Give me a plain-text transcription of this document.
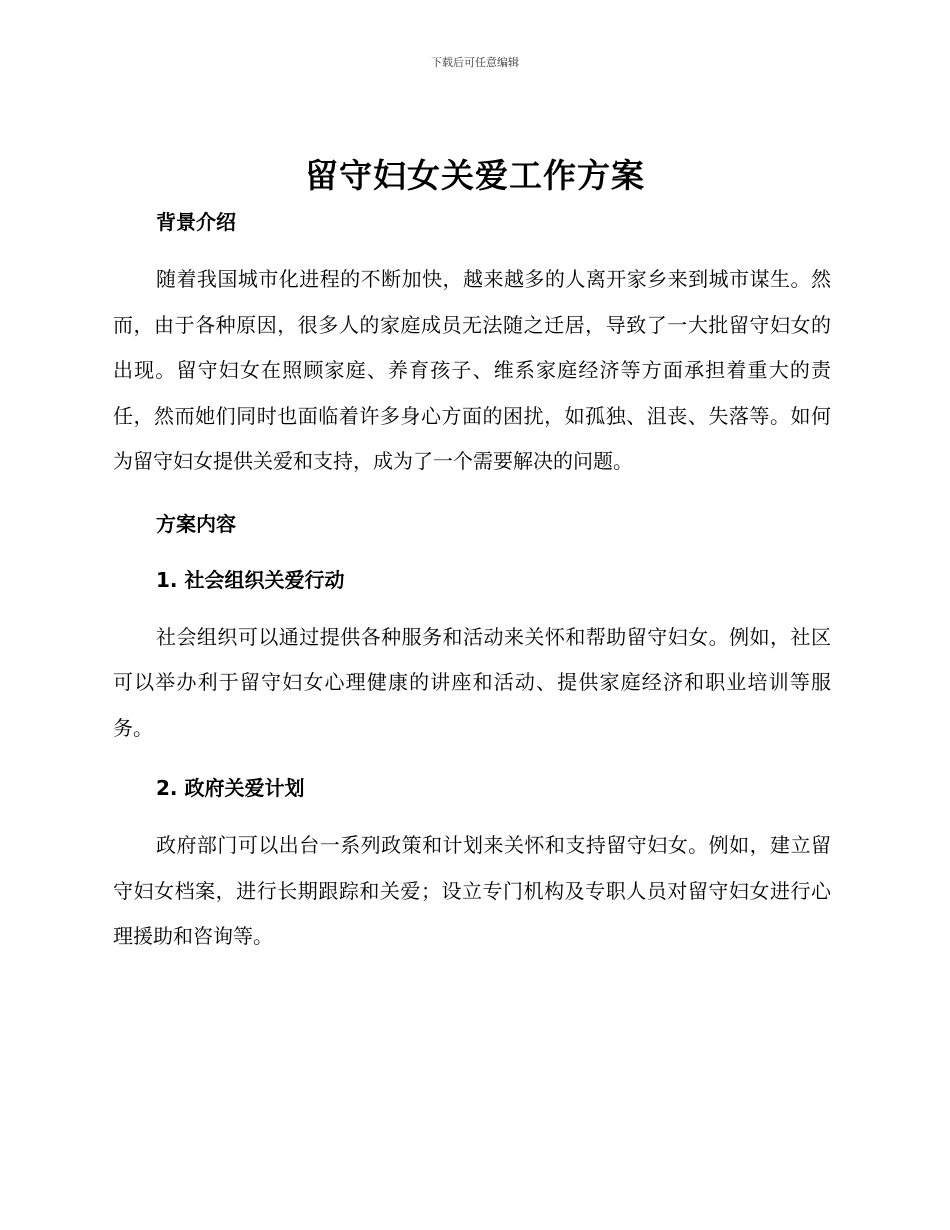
下载后可任意编辑
留守妇女关爱工作方案

背景介绍

随着我国城市化进程的不断加快，越来越多的人离开家乡来到城市谋生。然而，由于各种原因，很多人的家庭成员无法随之迁居，导致了一大批留守妇女的出现。留守妇女在照顾家庭、养育孩子、维系家庭经济等方面承担着重大的责任，然而她们同时也面临着许多身心方面的困扰，如孤独、沮丧、失落等。如何为留守妇女提供关爱和支持，成为了一个需要解决的问题。

方案内容

1. 社会组织关爱行动

社会组织可以通过提供各种服务和活动来关怀和帮助留守妇女。例如，社区可以举办利于留守妇女心理健康的讲座和活动、提供家庭经济和职业培训等服务。

2. 政府关爱计划

政府部门可以出台一系列政策和计划来关怀和支持留守妇女。例如，建立留守妇女档案，进行长期跟踪和关爱；设立专门机构及专职人员对留守妇女进行心理援助和咨询等。
